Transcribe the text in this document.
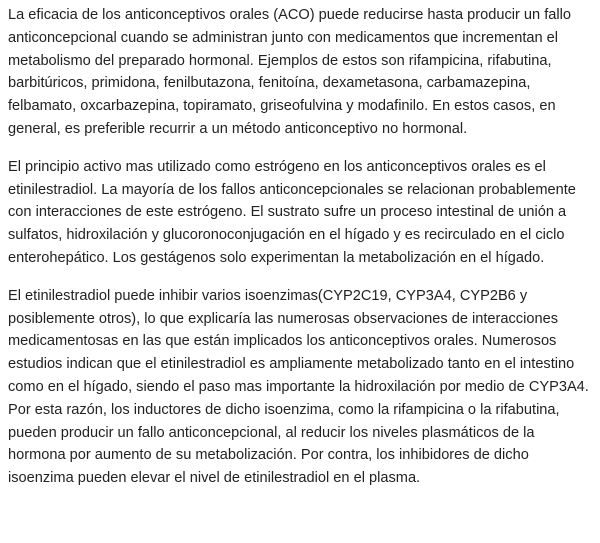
La eficacia de los anticonceptivos orales (ACO) puede reducirse hasta producir un fallo
anticoncepcional cuando se administran junto con medicamentos que incrementan el
metabolismo del preparado hormonal. Ejemplos de estos son rifampicina, rifabutina,
barbitúricos, primidona, fenilbutazona, fenitoína, dexametasona, carbamazepina,
felbamato, oxcarbazepina, topiramato, griseofulvina y modafinilo. En estos casos, en
general, es preferible recurrir a un método anticonceptivo no hormonal.

El principio activo mas utilizado como estrógeno en los anticonceptivos orales es el
etinilestradiol. La mayoría de los fallos anticoncepcionales se relacionan probablemente
con interacciones de este estrógeno. El sustrato sufre un proceso intestinal de unión a
sulfatos, hidroxilación y glucoronoconjugación en el hígado y es recirculado en el ciclo
enterohepático. Los gestágenos solo experimentan la metabolización en el hígado.

El etinilestradiol puede inhibir varios isoenzimas(CYP2C19, CYP3A4, CYP2B6 y
posiblemente otros), lo que explicaría las numerosas observaciones de interacciones
medicamentosas en las que están implicados los anticonceptivos orales. Numerosos
estudios indican que el etinilestradiol es ampliamente metabolizado tanto en el intestino
como en el hígado, siendo el paso mas importante la hidroxilación por medio de CYP3A4.
Por esta razón, los inductores de dicho isoenzima, como la rifampicina o la rifabutina,
pueden producir un fallo anticoncepcional, al reducir los niveles plasmáticos de la
hormona por aumento de su metabolización. Por contra, los inhibidores de dicho
isoenzima pueden elevar el nivel de etinilestradiol en el plasma.
